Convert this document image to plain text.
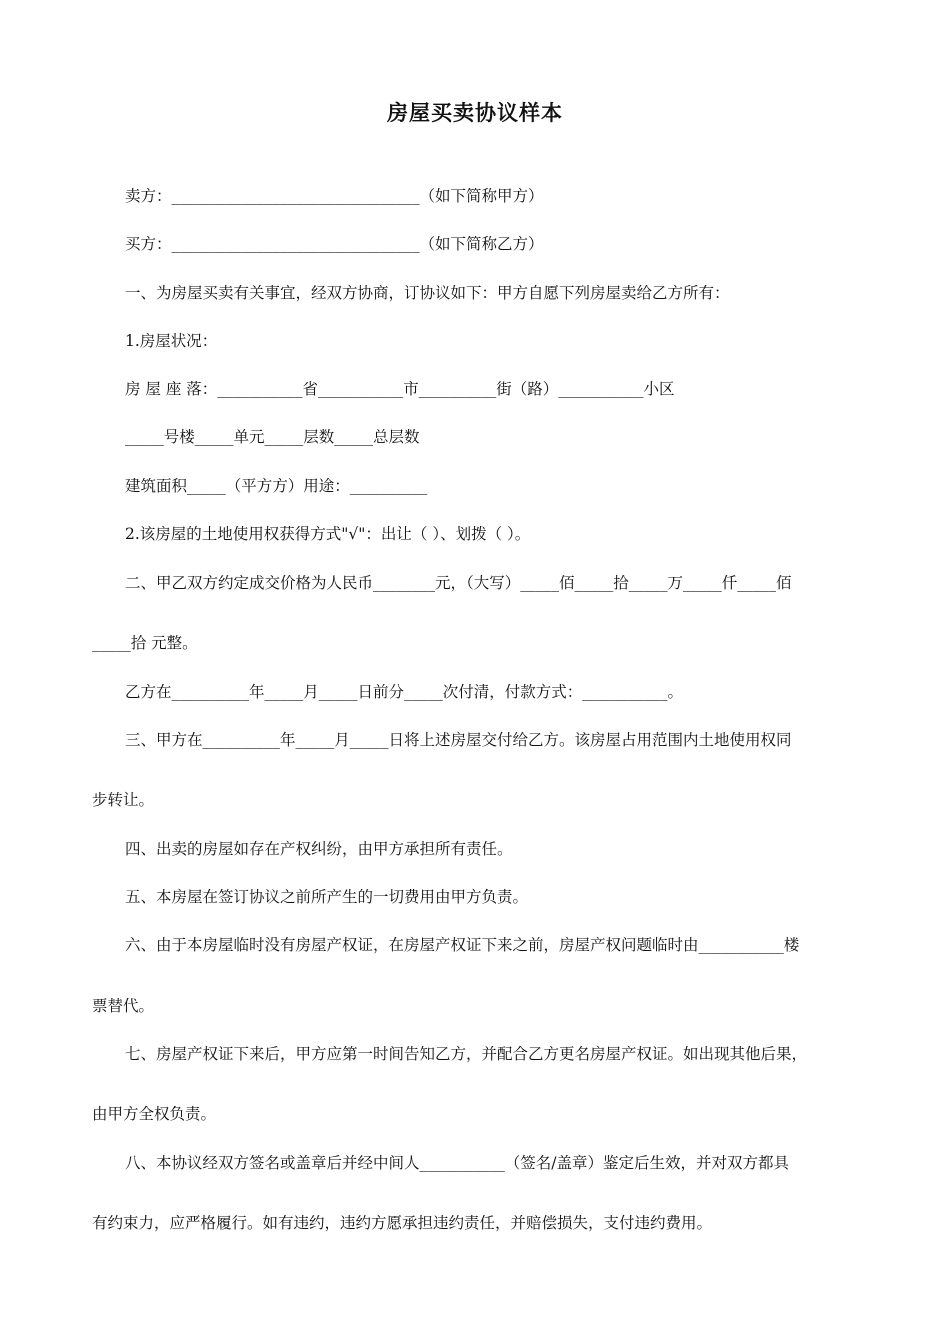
房屋买卖协议样本
卖方：________________________________（如下简称甲方）
买方：________________________________（如下简称乙方）
一、为房屋买卖有关事宜，经双方协商，订协议如下：甲方自愿下列房屋卖给乙方所有：
1.房屋状况：
房 屋 座 落：___________省___________市__________街（路）___________小区
_____号楼_____单元_____层数_____总层数
建筑面积_____（平方方）用途：__________
2.该房屋的土地使用权获得方式"√"：出让（ ）、划拨（ ）。
二、甲乙双方约定成交价格为人民币________元，（大写）_____佰_____拾_____万_____仟_____佰
_____拾 元整。
乙方在__________年_____月_____日前分_____次付清，付款方式：___________。
三、甲方在__________年_____月_____日将上述房屋交付给乙方。该房屋占用范围内土地使用权同
步转让。
四、出卖的房屋如存在产权纠纷，由甲方承担所有责任。
五、本房屋在签订协议之前所产生的一切费用由甲方负责。
六、由于本房屋临时没有房屋产权证，在房屋产权证下来之前，房屋产权问题临时由___________楼
票替代。
七、房屋产权证下来后，甲方应第一时间告知乙方，并配合乙方更名房屋产权证。如出现其他后果，
由甲方全权负责。
八、本协议经双方签名或盖章后并经中间人___________（签名/盖章）鉴定后生效，并对双方都具
有约束力，应严格履行。如有违约，违约方愿承担违约责任，并赔偿损失，支付违约费用。
